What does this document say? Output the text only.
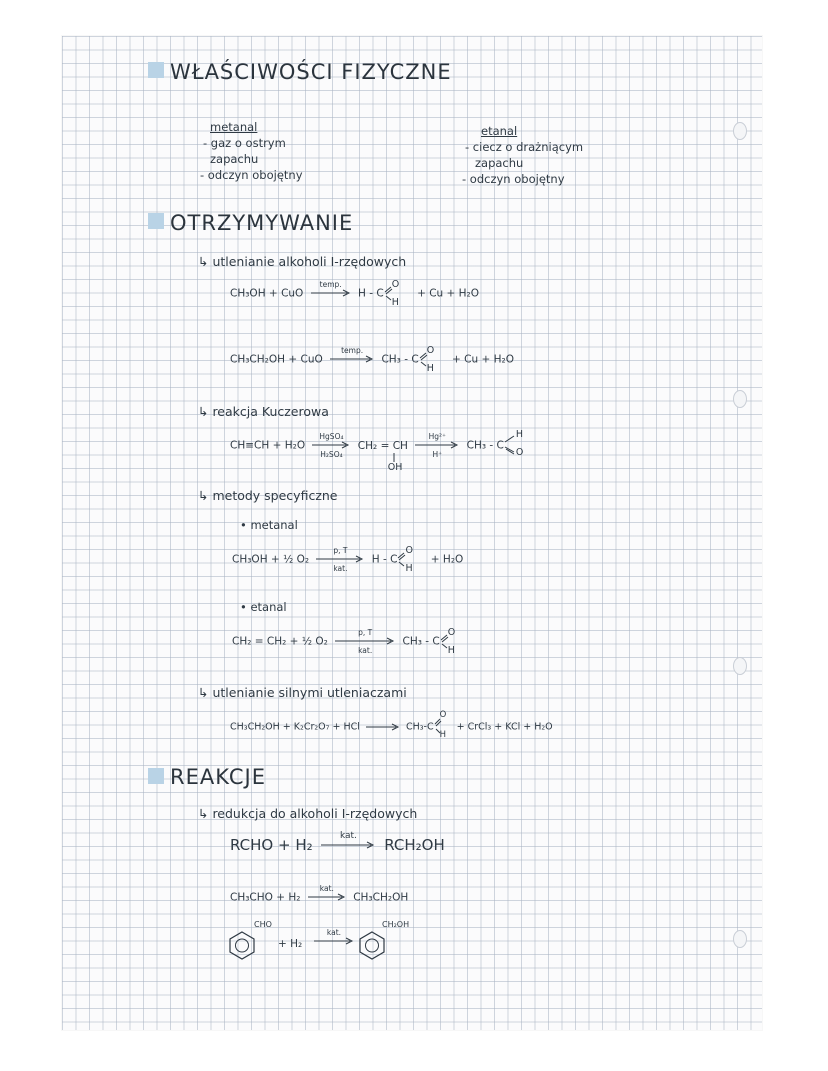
WŁAŚCIWOŚCI FIZYCZNE
metanal
- gaz o ostrym
zapachu
- odczyn obojętny
etanal
- ciecz o drażniącym
zapachu
- odczyn obojętny
OTRZYMYWANIE
↳ utlenianie alkoholi I-rzędowych
CH₃OH + CuO
temp.

H - C
O
H
+ Cu + H₂O
CH₃CH₂OH + CuO
temp.

CH₃ - C
O
H
+ Cu + H₂O
↳ reakcja Kuczerowa
CH≡CH + H₂O
HgSO₄
H₂SO₄
CH₂ = CH
OH

Hg²⁺
H⁺
CH₃ - C
H
O
↳ metody specyficzne
• metanal
CH₃OH + ½ O₂
p, T
kat.
H - C
O
H
+ H₂O
• etanal
CH₂ = CH₂ + ½ O₂
p, T
kat.
CH₃ - C
O
H
↳ utlenianie silnymi utleniaczami
CH₃CH₂OH + K₂Cr₂O₇ + HCl	CH₃-C
O
H
+ CrCl₃ + KCl + H₂O
REAKCJE
↳ redukcja do alkoholi I-rzędowych
RCHO + H₂	kat.
	RCH₂OH
CH₃CHO + H₂
kat.

CH₃CH₂OH
CHO
+ H₂
kat.
CH₂OH
